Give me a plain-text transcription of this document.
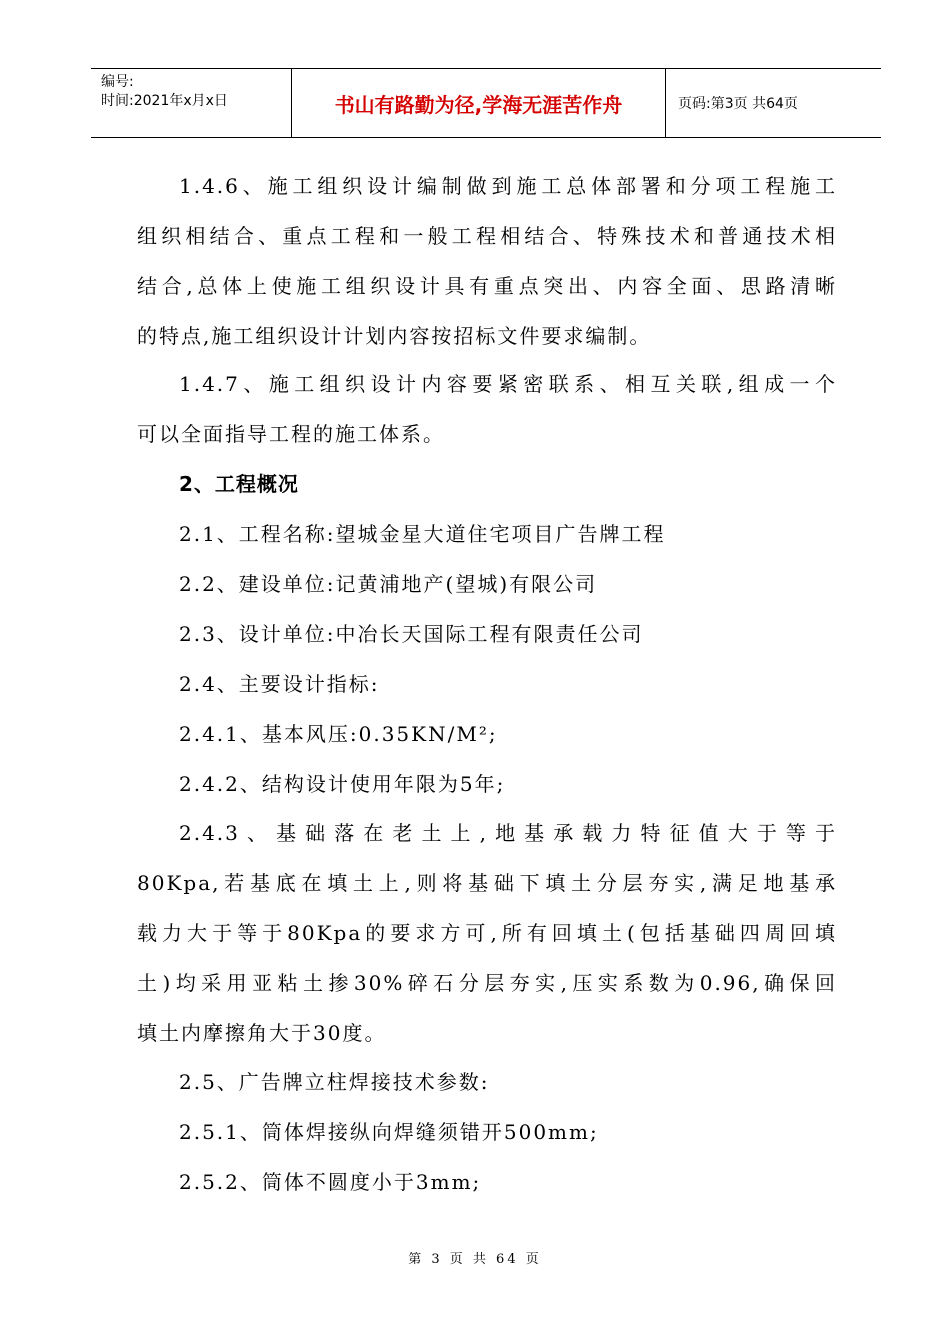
编号:
时间:2021年x月x日	书山有路勤为径,学海无涯苦作舟	页码:第3页 共64页
1.4.6、施工组织设计编制做到施工总体部署和分项工程施工
组织相结合、重点工程和一般工程相结合、特殊技术和普通技术相
结合,总体上使施工组织设计具有重点突出、内容全面、思路清晰
的特点,施工组织设计计划内容按招标文件要求编制。
1.4.7、施工组织设计内容要紧密联系、相互关联,组成一个
可以全面指导工程的施工体系。
2、工程概况
2.1、工程名称:望城金星大道住宅项目广告牌工程
2.2、建设单位:记黄浦地产(望城)有限公司
2.3、设计单位:中冶长天国际工程有限责任公司
2.4、主要设计指标:
2.4.1、基本风压:0.35KN/M²;
2.4.2、结构设计使用年限为5年;
2.4.3、基础落在老土上,地基承载力特征值大于等于
80Kpa,若基底在填土上,则将基础下填土分层夯实,满足地基承
载力大于等于80Kpa的要求方可,所有回填土(包括基础四周回填
土)均采用亚粘土掺30%碎石分层夯实,压实系数为0.96,确保回
填土内摩擦角大于30度。
2.5、广告牌立柱焊接技术参数:
2.5.1、筒体焊接纵向焊缝须错开500mm;
2.5.2、筒体不圆度小于3mm;
第 3 页 共 64 页
